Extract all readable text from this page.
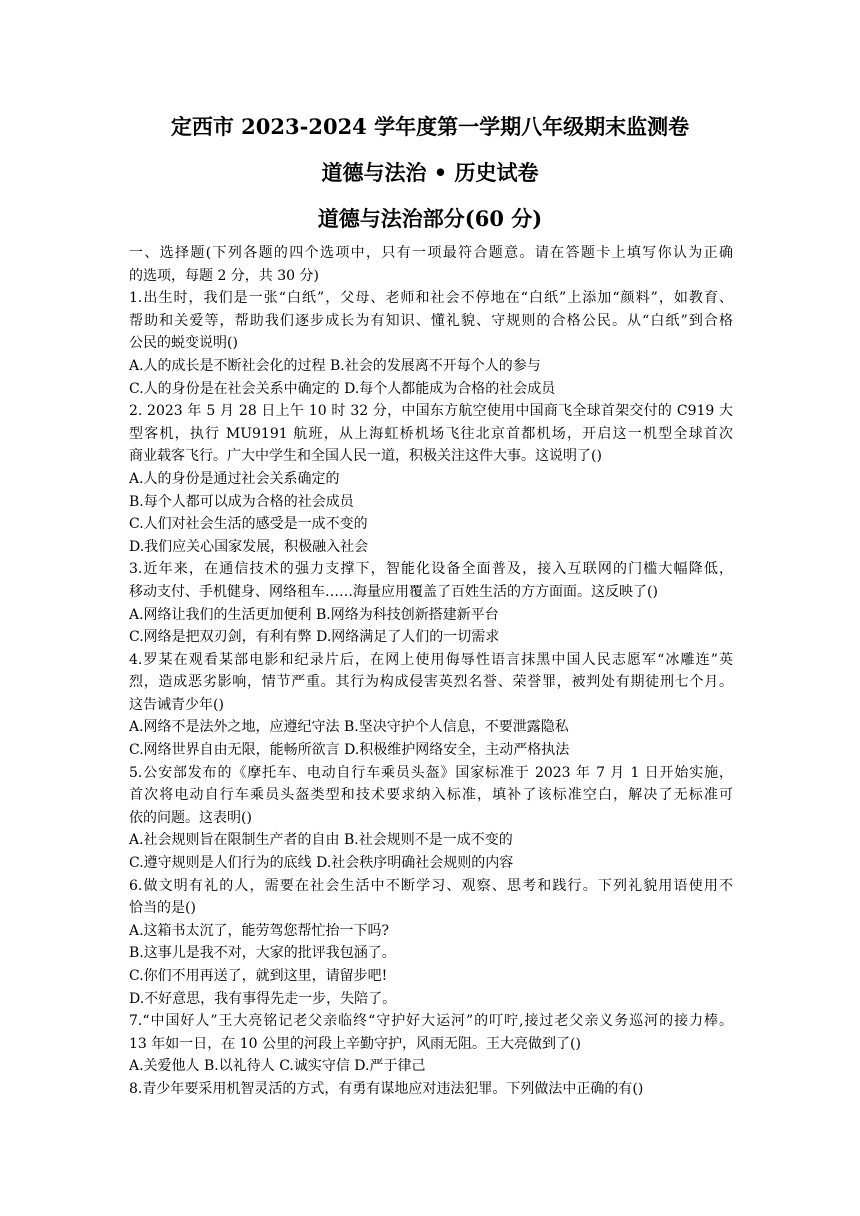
定西市 2023-2024 学年度第一学期八年级期末监测卷
道德与法治 • 历史试卷
道德与法治部分(60 分)
一、选择题(下列各题的四个选项中，只有一项最符合题意。请在答题卡上填写你认为正确
的选项，每题 2 分，共 30 分)
1.出生时，我们是一张“白纸”，父母、老师和社会不停地在“白纸”上添加“颜料”，如教育、
帮助和关爱等，帮助我们逐步成长为有知识、懂礼貌、守规则的合格公民。从“白纸”到合格
公民的蜕变说明()
A.人的成长是不断社会化的过程 B.社会的发展离不开每个人的参与
C.人的身份是在社会关系中确定的 D.每个人都能成为合格的社会成员
2. 2023 年 5 月 28 日上午 10 时 32 分，中国东方航空使用中国商飞全球首架交付的 C919 大
型客机，执行 MU9191 航班，从上海虹桥机场飞往北京首都机场，开启这一机型全球首次
商业载客飞行。广大中学生和全国人民一道，积极关注这件大事。这说明了()
A.人的身份是通过社会关系确定的
B.每个人都可以成为合格的社会成员
C.人们对社会生活的感受是一成不变的
D.我们应关心国家发展，积极融入社会
3.近年来，在通信技术的强力支撑下，智能化设备全面普及，接入互联网的门槛大幅降低，
移动支付、手机健身、网络租车……海量应用覆盖了百姓生活的方方面面。这反映了()
A.网络让我们的生活更加便利 B.网络为科技创新搭建新平台
C.网络是把双刃剑，有利有弊 D.网络满足了人们的一切需求
4.罗某在观看某部电影和纪录片后，在网上使用侮辱性语言抹黑中国人民志愿军“冰雕连”英
烈，造成恶劣影响，情节严重。其行为构成侵害英烈名誉、荣誉罪，被判处有期徒刑七个月。
这告诫青少年()
A.网络不是法外之地，应遵纪守法 B.坚决守护个人信息，不要泄露隐私
C.网络世界自由无限，能畅所欲言 D.积极维护网络安全，主动严格执法
5.公安部发布的《摩托车、电动自行车乘员头盔》国家标准于 2023 年 7 月 1 日开始实施，
首次将电动自行车乘员头盔类型和技术要求纳入标准，填补了该标准空白，解决了无标准可
依的问题。这表明()
A.社会规则旨在限制生产者的自由 B.社会规则不是一成不变的
C.遵守规则是人们行为的底线 D.社会秩序明确社会规则的内容
6.做文明有礼的人，需要在社会生活中不断学习、观察、思考和践行。下列礼貌用语使用不
恰当的是()
A.这箱书太沉了，能劳驾您帮忙抬一下吗?
B.这事儿是我不对，大家的批评我包涵了。
C.你们不用再送了，就到这里，请留步吧!
D.不好意思，我有事得先走一步，失陪了。
7.“中国好人”王大亮铭记老父亲临终“守护好大运河”的叮咛,接过老父亲义务巡河的接力棒。
13 年如一日，在 10 公里的河段上辛勤守护，风雨无阻。王大亮做到了()
A.关爱他人 B.以礼待人 C.诚实守信 D.严于律己
8.青少年要采用机智灵活的方式，有勇有谋地应对违法犯罪。下列做法中正确的有()
